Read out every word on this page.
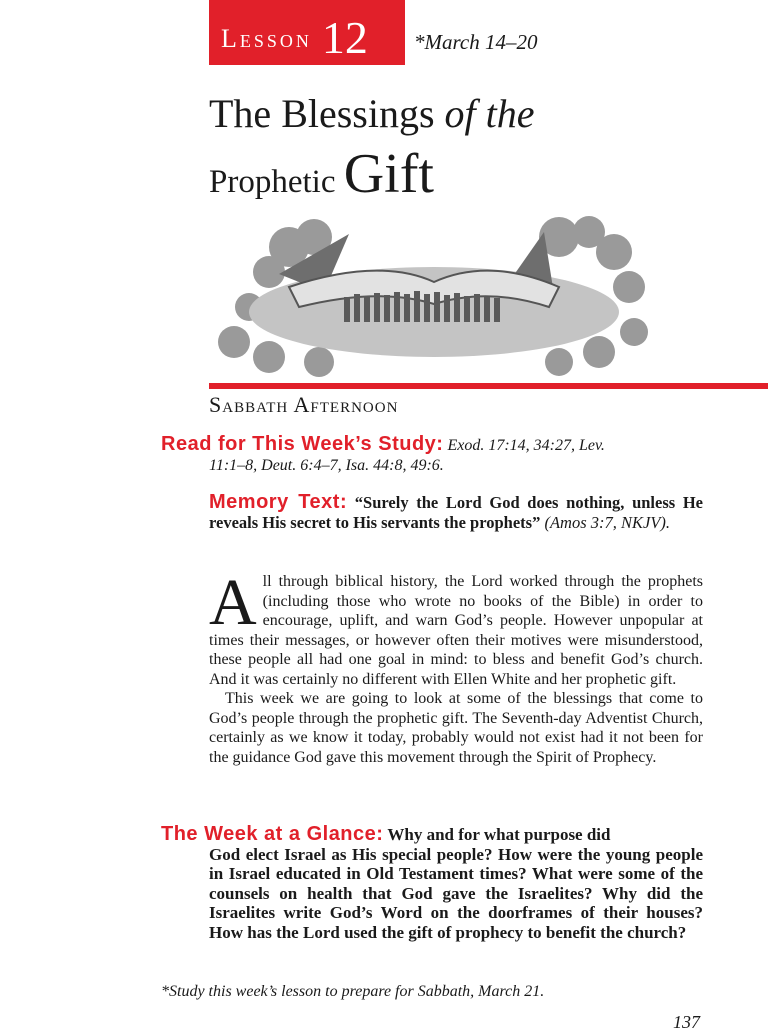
Lesson 12 *March 14–20
The Blessings of the
Prophetic Gift
Sabbath Afternoon
Read for This Week’s Study: Exod. 17:14, 34:27, Lev.
11:1–8, Deut. 6:4–7, Isa. 44:8, 49:6.
Memory Text: “Surely the Lord God does nothing, unless He reveals His secret to His servants the prophets” (Amos 3:7, NKJV).

All through biblical history, the Lord worked through the prophets (including those who wrote no books of the Bible) in order to encourage, uplift, and warn God’s people. However unpopular at times their messages, or however often their motives were misunderstood, these people all had one goal in mind: to bless and benefit God’s church. And it was certainly no different with Ellen White and her prophetic gift.

This week we are going to look at some of the blessings that come to God’s people through the prophetic gift. The Seventh-day Adventist Church, certainly as we know it today, probably would not exist had it not been for the guidance God gave this movement through the Spirit of Prophecy.

The Week at a Glance: Why and for what purpose did
God elect Israel as His special people? How were the young people in Israel educated in Old Testament times? What were some of the counsels on health that God gave the Israelites? Why did the Israelites write God’s Word on the doorframes of their houses? How has the Lord used the gift of prophecy to benefit the church?
*Study this week’s lesson to prepare for Sabbath, March 21.
137
